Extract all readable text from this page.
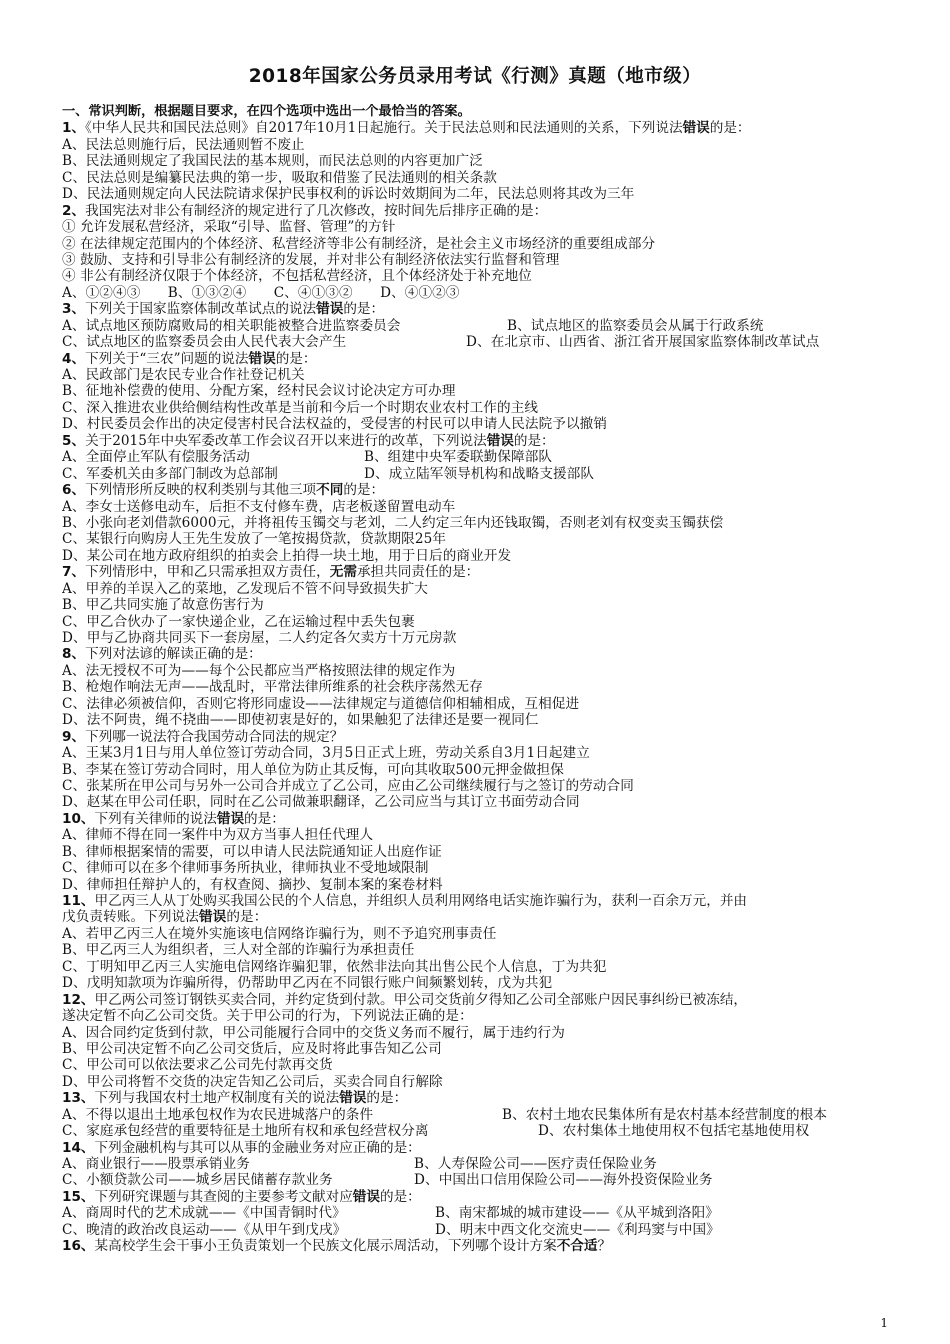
2018年国家公务员录用考试《行测》真题（地市级）
一、常识判断，根据题目要求，在四个选项中选出一个最恰当的答案。
1、《中华人民共和国民法总则》自2017年10月1日起施行。关于民法总则和民法通则的关系，下列说法错误的是：
A、民法总则施行后，民法通则暂不废止
B、民法通则规定了我国民法的基本规则，而民法总则的内容更加广泛
C、民法总则是编纂民法典的第一步，吸取和借鉴了民法通则的相关条款
D、民法通则规定向人民法院请求保护民事权利的诉讼时效期间为二年，民法总则将其改为三年
2、我国宪法对非公有制经济的规定进行了几次修改，按时间先后排序正确的是：
① 允许发展私营经济，采取“引导、监督、管理”的方针
② 在法律规定范围内的个体经济、私营经济等非公有制经济，是社会主义市场经济的重要组成部分
③ 鼓励、支持和引导非公有制经济的发展，并对非公有制经济依法实行监督和管理
④ 非公有制经济仅限于个体经济，不包括私营经济，且个体经济处于补充地位
A、①②④③　　B、①③②④　　C、④①③②　　D、④①②③
3、下列关于国家监察体制改革试点的说法错误的是：
A、试点地区预防腐败局的相关职能被整合进监察委员会	B、试点地区的监察委员会从属于行政系统
C、试点地区的监察委员会由人民代表大会产生	D、在北京市、山西省、浙江省开展国家监察体制改革试点
4、下列关于“三农”问题的说法错误的是：
A、民政部门是农民专业合作社登记机关
B、征地补偿费的使用、分配方案，经村民会议讨论决定方可办理
C、深入推进农业供给侧结构性改革是当前和今后一个时期农业农村工作的主线
D、村民委员会作出的决定侵害村民合法权益的，受侵害的村民可以申请人民法院予以撤销
5、关于2015年中央军委改革工作会议召开以来进行的改革，下列说法错误的是：
A、全面停止军队有偿服务活动	B、组建中央军委联勤保障部队
C、军委机关由多部门制改为总部制	D、成立陆军领导机构和战略支援部队
6、下列情形所反映的权利类别与其他三项不同的是：
A、李女士送修电动车，后拒不支付修车费，店老板遂留置电动车
B、小张向老刘借款6000元，并将祖传玉镯交与老刘，二人约定三年内还钱取镯，否则老刘有权变卖玉镯获偿
C、某银行向购房人王先生发放了一笔按揭贷款，贷款期限25年
D、某公司在地方政府组织的拍卖会上拍得一块土地，用于日后的商业开发
7、下列情形中，甲和乙只需承担双方责任，无需承担共同责任的是：
A、甲养的羊误入乙的菜地，乙发现后不管不问导致损失扩大
B、甲乙共同实施了故意伤害行为
C、甲乙合伙办了一家快递企业，乙在运输过程中丢失包裹
D、甲与乙协商共同买下一套房屋，二人约定各欠卖方十万元房款
8、下列对法谚的解读正确的是：
A、法无授权不可为——每个公民都应当严格按照法律的规定作为
B、枪炮作响法无声——战乱时，平常法律所维系的社会秩序荡然无存
C、法律必须被信仰，否则它将形同虚设——法律规定与道德信仰相辅相成，互相促进
D、法不阿贵，绳不挠曲——即使初衷是好的，如果触犯了法律还是要一视同仁
9、下列哪一说法符合我国劳动合同法的规定？
A、王某3月1日与用人单位签订劳动合同，3月5日正式上班，劳动关系自3月1日起建立
B、李某在签订劳动合同时，用人单位为防止其反悔，可向其收取500元押金做担保
C、张某所在甲公司与另外一公司合并成立了乙公司，应由乙公司继续履行与之签订的劳动合同
D、赵某在甲公司任职，同时在乙公司做兼职翻译，乙公司应当与其订立书面劳动合同
10、下列有关律师的说法错误的是：
A、律师不得在同一案件中为双方当事人担任代理人
B、律师根据案情的需要，可以申请人民法院通知证人出庭作证
C、律师可以在多个律师事务所执业，律师执业不受地域限制
D、律师担任辩护人的，有权查阅、摘抄、复制本案的案卷材料
11、甲乙丙三人从丁处购买我国公民的个人信息，并组织人员利用网络电话实施诈骗行为，获利一百余万元，并由
戊负责转账。下列说法错误的是：
A、若甲乙丙三人在境外实施该电信网络诈骗行为，则不予追究刑事责任
B、甲乙丙三人为组织者，三人对全部的诈骗行为承担责任
C、丁明知甲乙丙三人实施电信网络诈骗犯罪，依然非法向其出售公民个人信息，丁为共犯
D、戊明知款项为诈骗所得，仍帮助甲乙丙在不同银行账户间频繁划转，戊为共犯
12、甲乙两公司签订钢铁买卖合同，并约定货到付款。甲公司交货前夕得知乙公司全部账户因民事纠纷已被冻结，
遂决定暂不向乙公司交货。关于甲公司的行为，下列说法正确的是：
A、因合同约定货到付款，甲公司能履行合同中的交货义务而不履行，属于违约行为
B、甲公司决定暂不向乙公司交货后，应及时将此事告知乙公司
C、甲公司可以依法要求乙公司先付款再交货
D、甲公司将暂不交货的决定告知乙公司后，买卖合同自行解除
13、下列与我国农村土地产权制度有关的说法错误的是：
A、不得以退出土地承包权作为农民进城落户的条件	B、农村土地农民集体所有是农村基本经营制度的根本
C、家庭承包经营的重要特征是土地所有权和承包经营权分离	D、农村集体土地使用权不包括宅基地使用权
14、下列金融机构与其可以从事的金融业务对应正确的是：
A、商业银行——股票承销业务	B、人寿保险公司——医疗责任保险业务
C、小额贷款公司——城乡居民储蓄存款业务	D、中国出口信用保险公司——海外投资保险业务
15、下列研究课题与其查阅的主要参考文献对应错误的是：
A、商周时代的艺术成就——《中国青铜时代》	B、南宋都城的城市建设——《从平城到洛阳》
C、晚清的政治改良运动——《从甲午到戊戌》	D、明末中西文化交流史——《利玛窦与中国》
16、某高校学生会干事小王负责策划一个民族文化展示周活动，下列哪个设计方案不合适？
1
